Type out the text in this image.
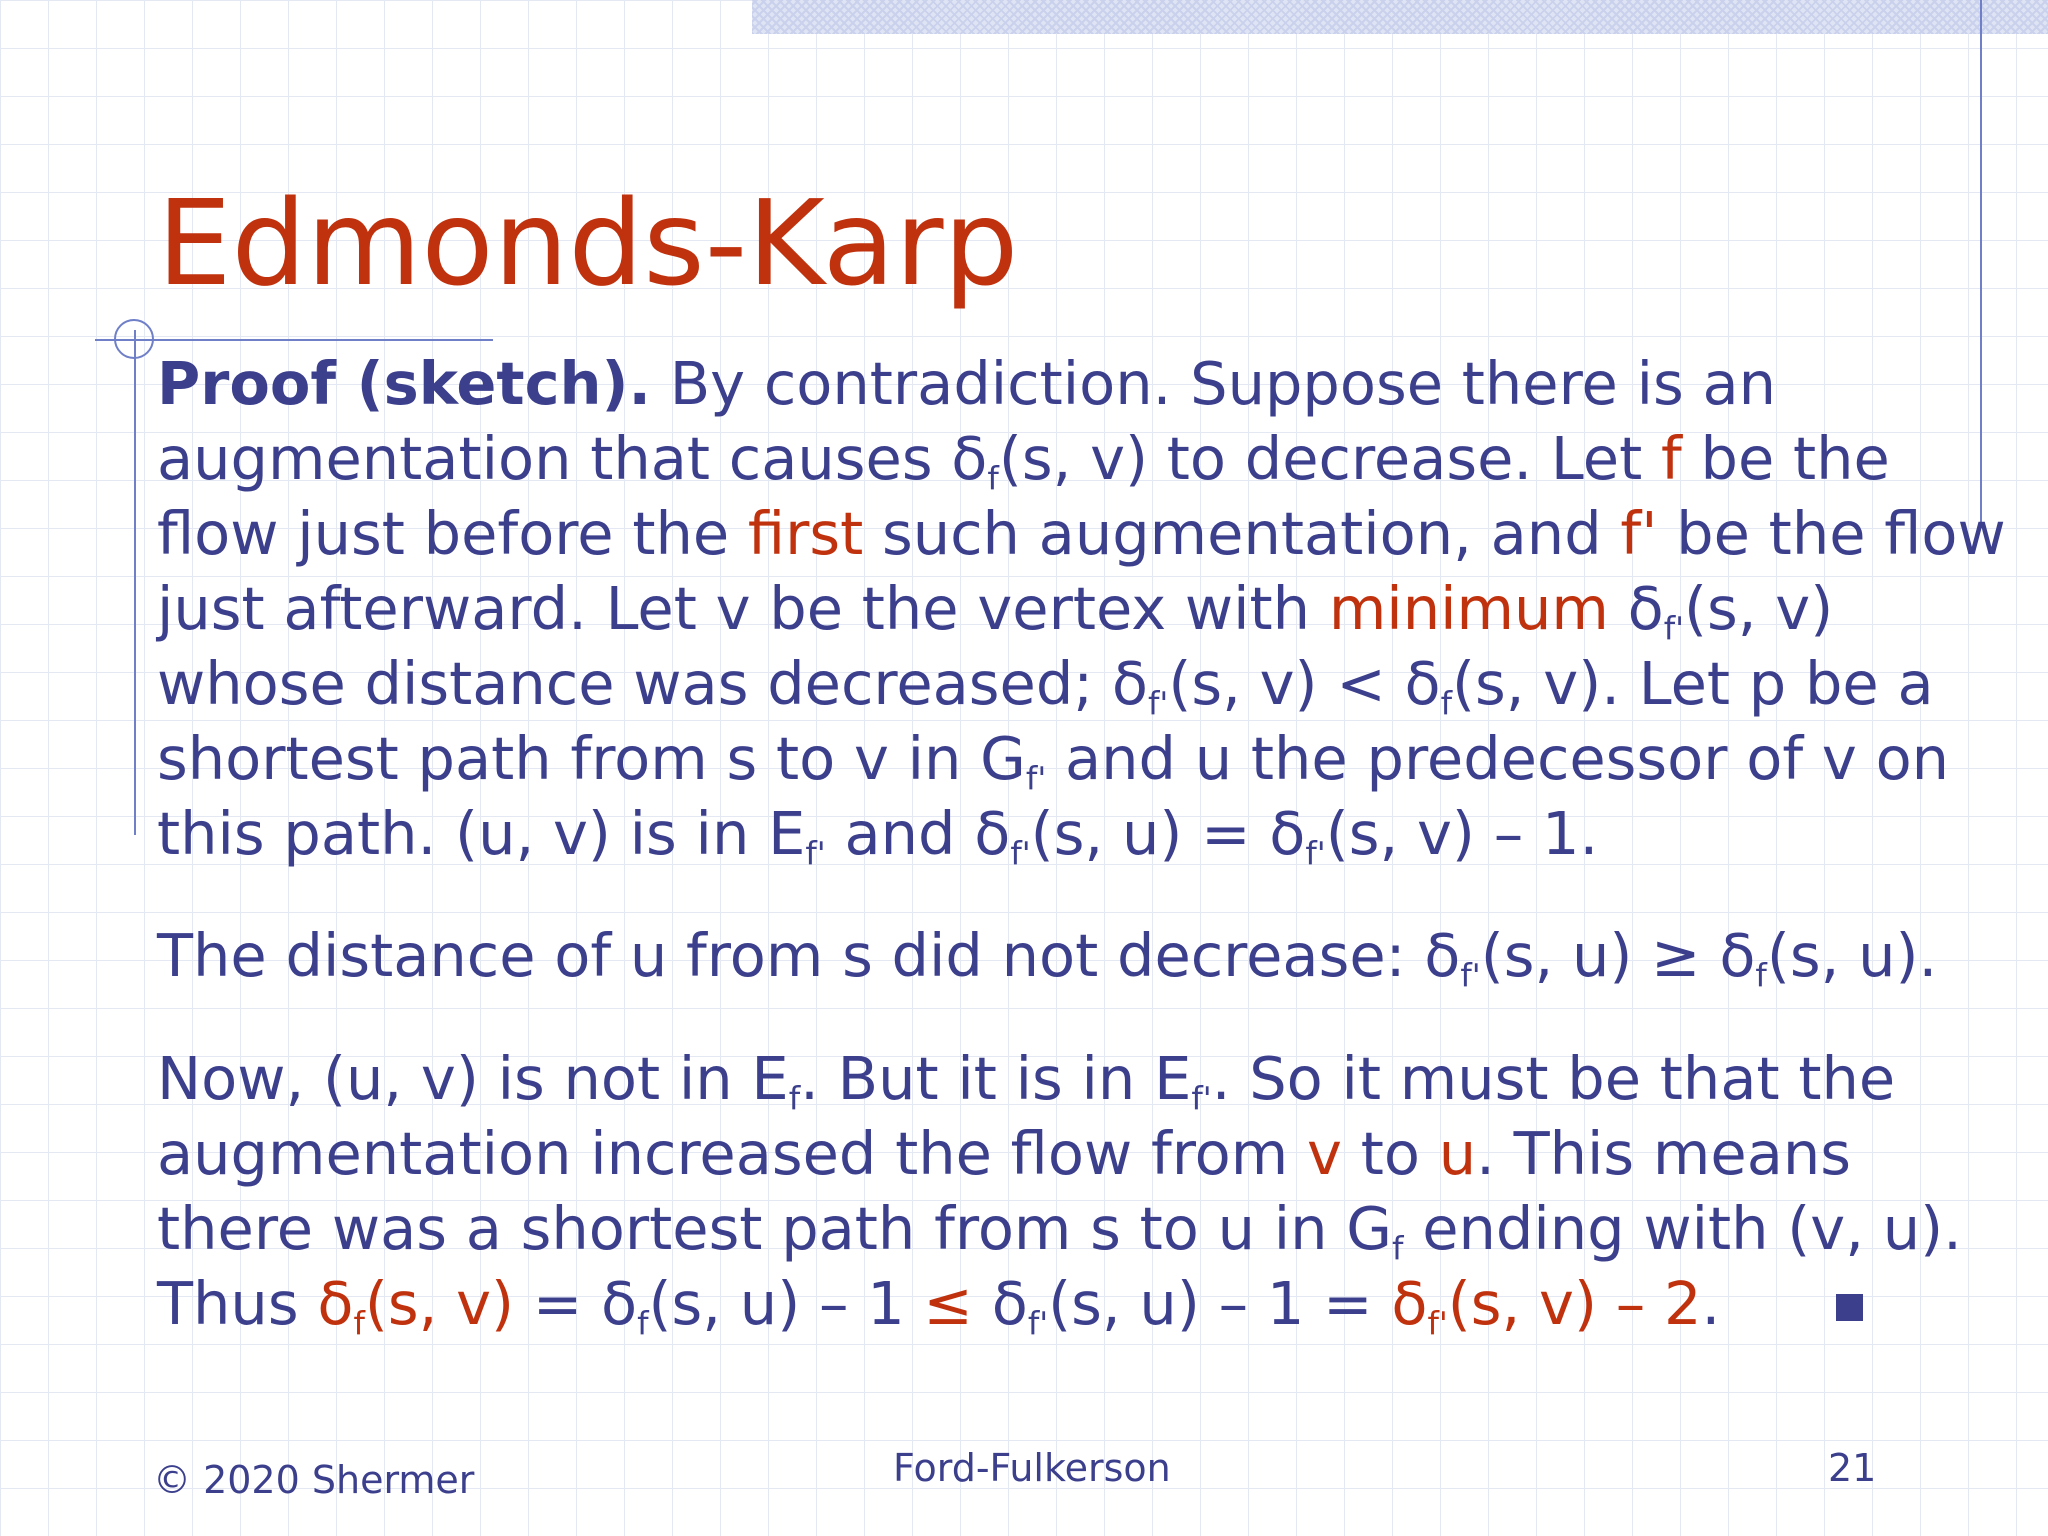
Edmonds-Karp

Proof (sketch). By contradiction. Suppose there is an
augmentation that causes $\delta_f(s$, v) to decrease. Let f be the
flow just before the first such augmentation, and f' be the flow
just afterward. Let v be the vertex with minimum $\delta_{f'}(s$, v)
whose distance was decreased; $\delta_{f'}(s$, $v) < \delta_f(s$, v). Let p be a
shortest path from s to v in $G_{f'}$ and u the predecessor of v on
this path. (u, v) is in $E_{f'}$ and $\delta_{f'}(s$, $u) = \delta_{f'}(s$, v) – 1.

The distance of u from s did not decrease: $\delta_{f'}(s$, $u) \ge \delta_f(s$, u).

Now, (u, v) is not in $E_f$. But it is in $E_{f'}$. So it must be that the
augmentation increased the flow from v to u. This means
there was a shortest path from s to u in $G_f$ ending with (v, u).
Thus $\delta_f(s$, $v) = \delta_f(s$, $u) - 1 \le \delta_{f'}(s$, $u) - 1 = \delta_{f'}(s$, v) – 2.

© 2020 Shermer	Ford-Fulkerson	21
